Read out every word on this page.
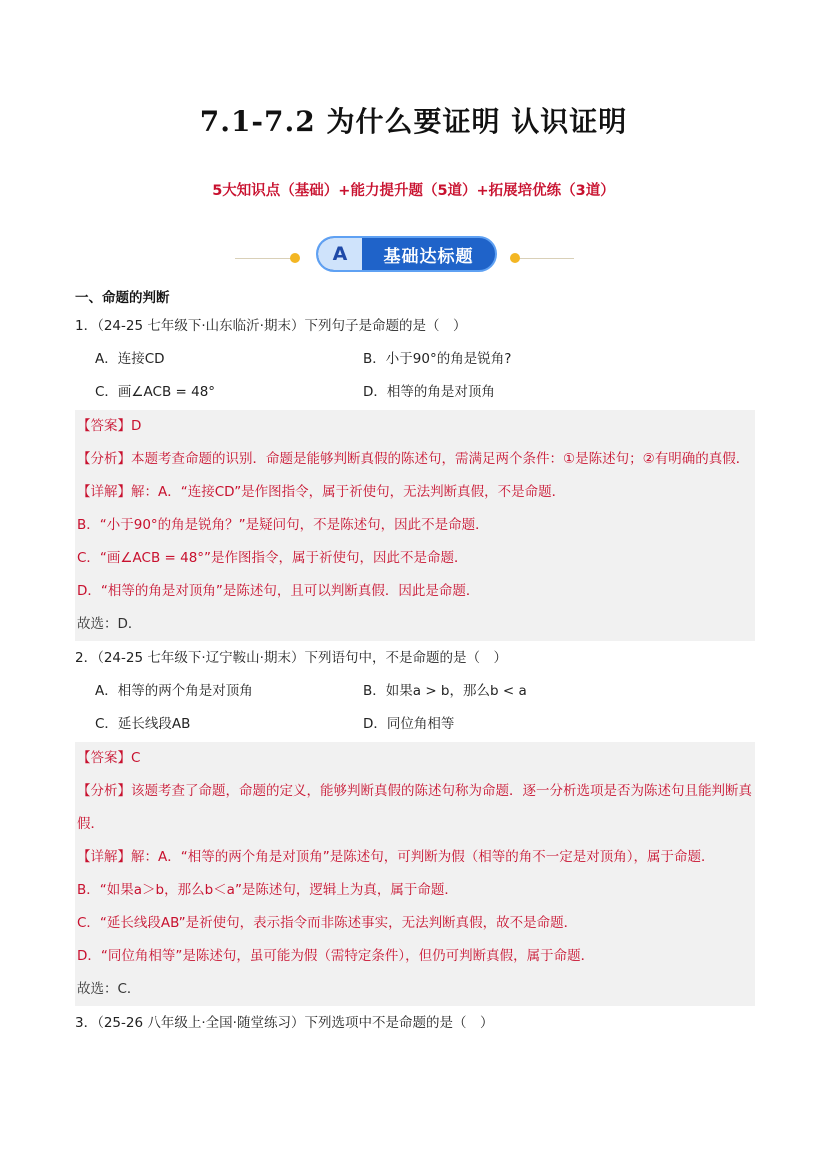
7.1-7.2 为什么要证明 认识证明
5大知识点（基础）+能力提升题（5道）+拓展培优练（3道）
A	基础达标题
一、命题的判断
1．（24-25 七年级下·山东临沂·期末）下列句子是命题的是（　）
A．连接CD	B．小于90°的角是锐角?
C．画∠ACB = 48°	D．相等的角是对顶角
【答案】D
【分析】本题考查命题的识别．命题是能够判断真假的陈述句，需满足两个条件：①是陈述句；②有明确的真假．
【详解】解：A．“连接CD”是作图指令，属于祈使句，无法判断真假，不是命题．
B．“小于90°的角是锐角？”是疑问句，不是陈述句，因此不是命题．
C．“画∠ACB = 48°”是作图指令，属于祈使句，因此不是命题．
D．“相等的角是对顶角”是陈述句，且可以判断真假．因此是命题．
故选：D．
2．（24-25 七年级下·辽宁鞍山·期末）下列语句中，不是命题的是（　）
A．相等的两个角是对顶角	B．如果a > b，那么b < a
C．延长线段AB	D．同位角相等
【答案】C
【分析】该题考查了命题，命题的定义，能够判断真假的陈述句称为命题．逐一分析选项是否为陈述句且能判断真假．
【详解】解：A．“相等的两个角是对顶角”是陈述句，可判断为假（相等的角不一定是对顶角），属于命题．
B．“如果a＞b，那么b＜a”是陈述句，逻辑上为真，属于命题．
C．“延长线段AB”是祈使句，表示指令而非陈述事实，无法判断真假，故不是命题．
D．“同位角相等”是陈述句，虽可能为假（需特定条件），但仍可判断真假，属于命题．
故选：C．
3．（25-26 八年级上·全国·随堂练习）下列选项中不是命题的是（　）
